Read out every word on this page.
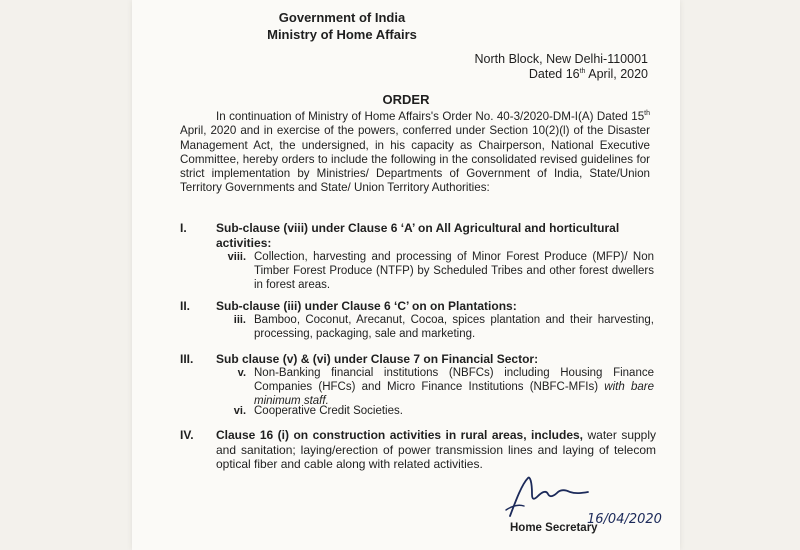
Government of India
Ministry of Home Affairs
North Block, New Delhi-110001
Dated 16th April, 2020
ORDER
In continuation of Ministry of Home Affairs's Order No. 40-3/2020-DM-I(A) Dated 15th April, 2020 and in exercise of the powers, conferred under Section 10(2)(l) of the Disaster Management Act, the undersigned, in his capacity as Chairperson, National Executive Committee, hereby orders to include the following in the consolidated revised guidelines for strict implementation by Ministries/ Departments of Government of India, State/Union Territory Governments and State/ Union Territory Authorities:
I. Sub-clause (viii) under Clause 6 ‘A’ on All Agricultural and horticultural activities:
viii. Collection, harvesting and processing of Minor Forest Produce (MFP)/ Non Timber Forest Produce (NTFP) by Scheduled Tribes and other forest dwellers in forest areas.
II. Sub-clause (iii) under Clause 6 ‘C’ on on Plantations:
iii. Bamboo, Coconut, Arecanut, Cocoa, spices plantation and their harvesting, processing, packaging, sale and marketing.
III. Sub clause (v) & (vi) under Clause 7 on Financial Sector:
v. Non-Banking financial institutions (NBFCs) including Housing Finance Companies (HFCs) and Micro Finance Institutions (NBFC-MFIs) with bare minimum staff.
vi. Cooperative Credit Societies.
IV. Clause 16 (i) on construction activities in rural areas, includes, water supply and sanitation; laying/erection of power transmission lines and laying of telecom optical fiber and cable along with related activities.
Home Secretary
16/04/2020
